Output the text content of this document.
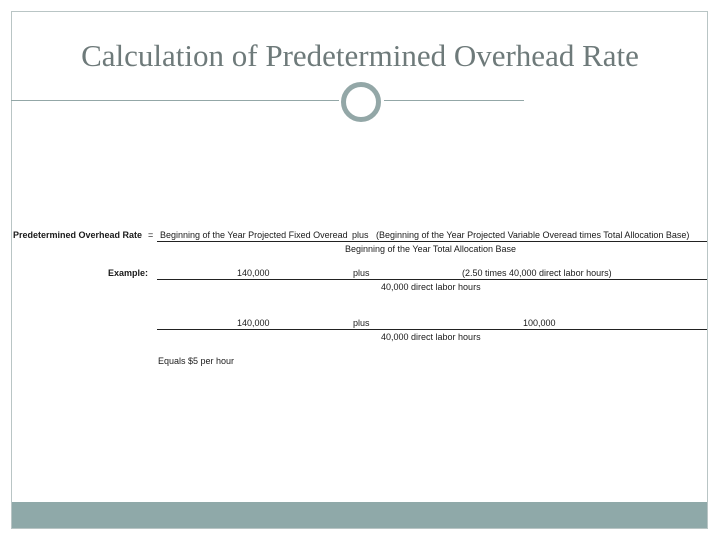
Calculation of Predetermined Overhead Rate
Predetermined Overhead Rate = Beginning of the Year Projected Fixed Overead plus (Beginning of the Year Projected Variable Overead times Total Allocation Base)
Beginning of the Year Total Allocation Base
Example:	140,000	plus	(2.50 times 40,000 direct labor hours)
40,000 direct labor hours
140,000	plus	100,000
40,000 direct labor hours
Equals $5 per hour
